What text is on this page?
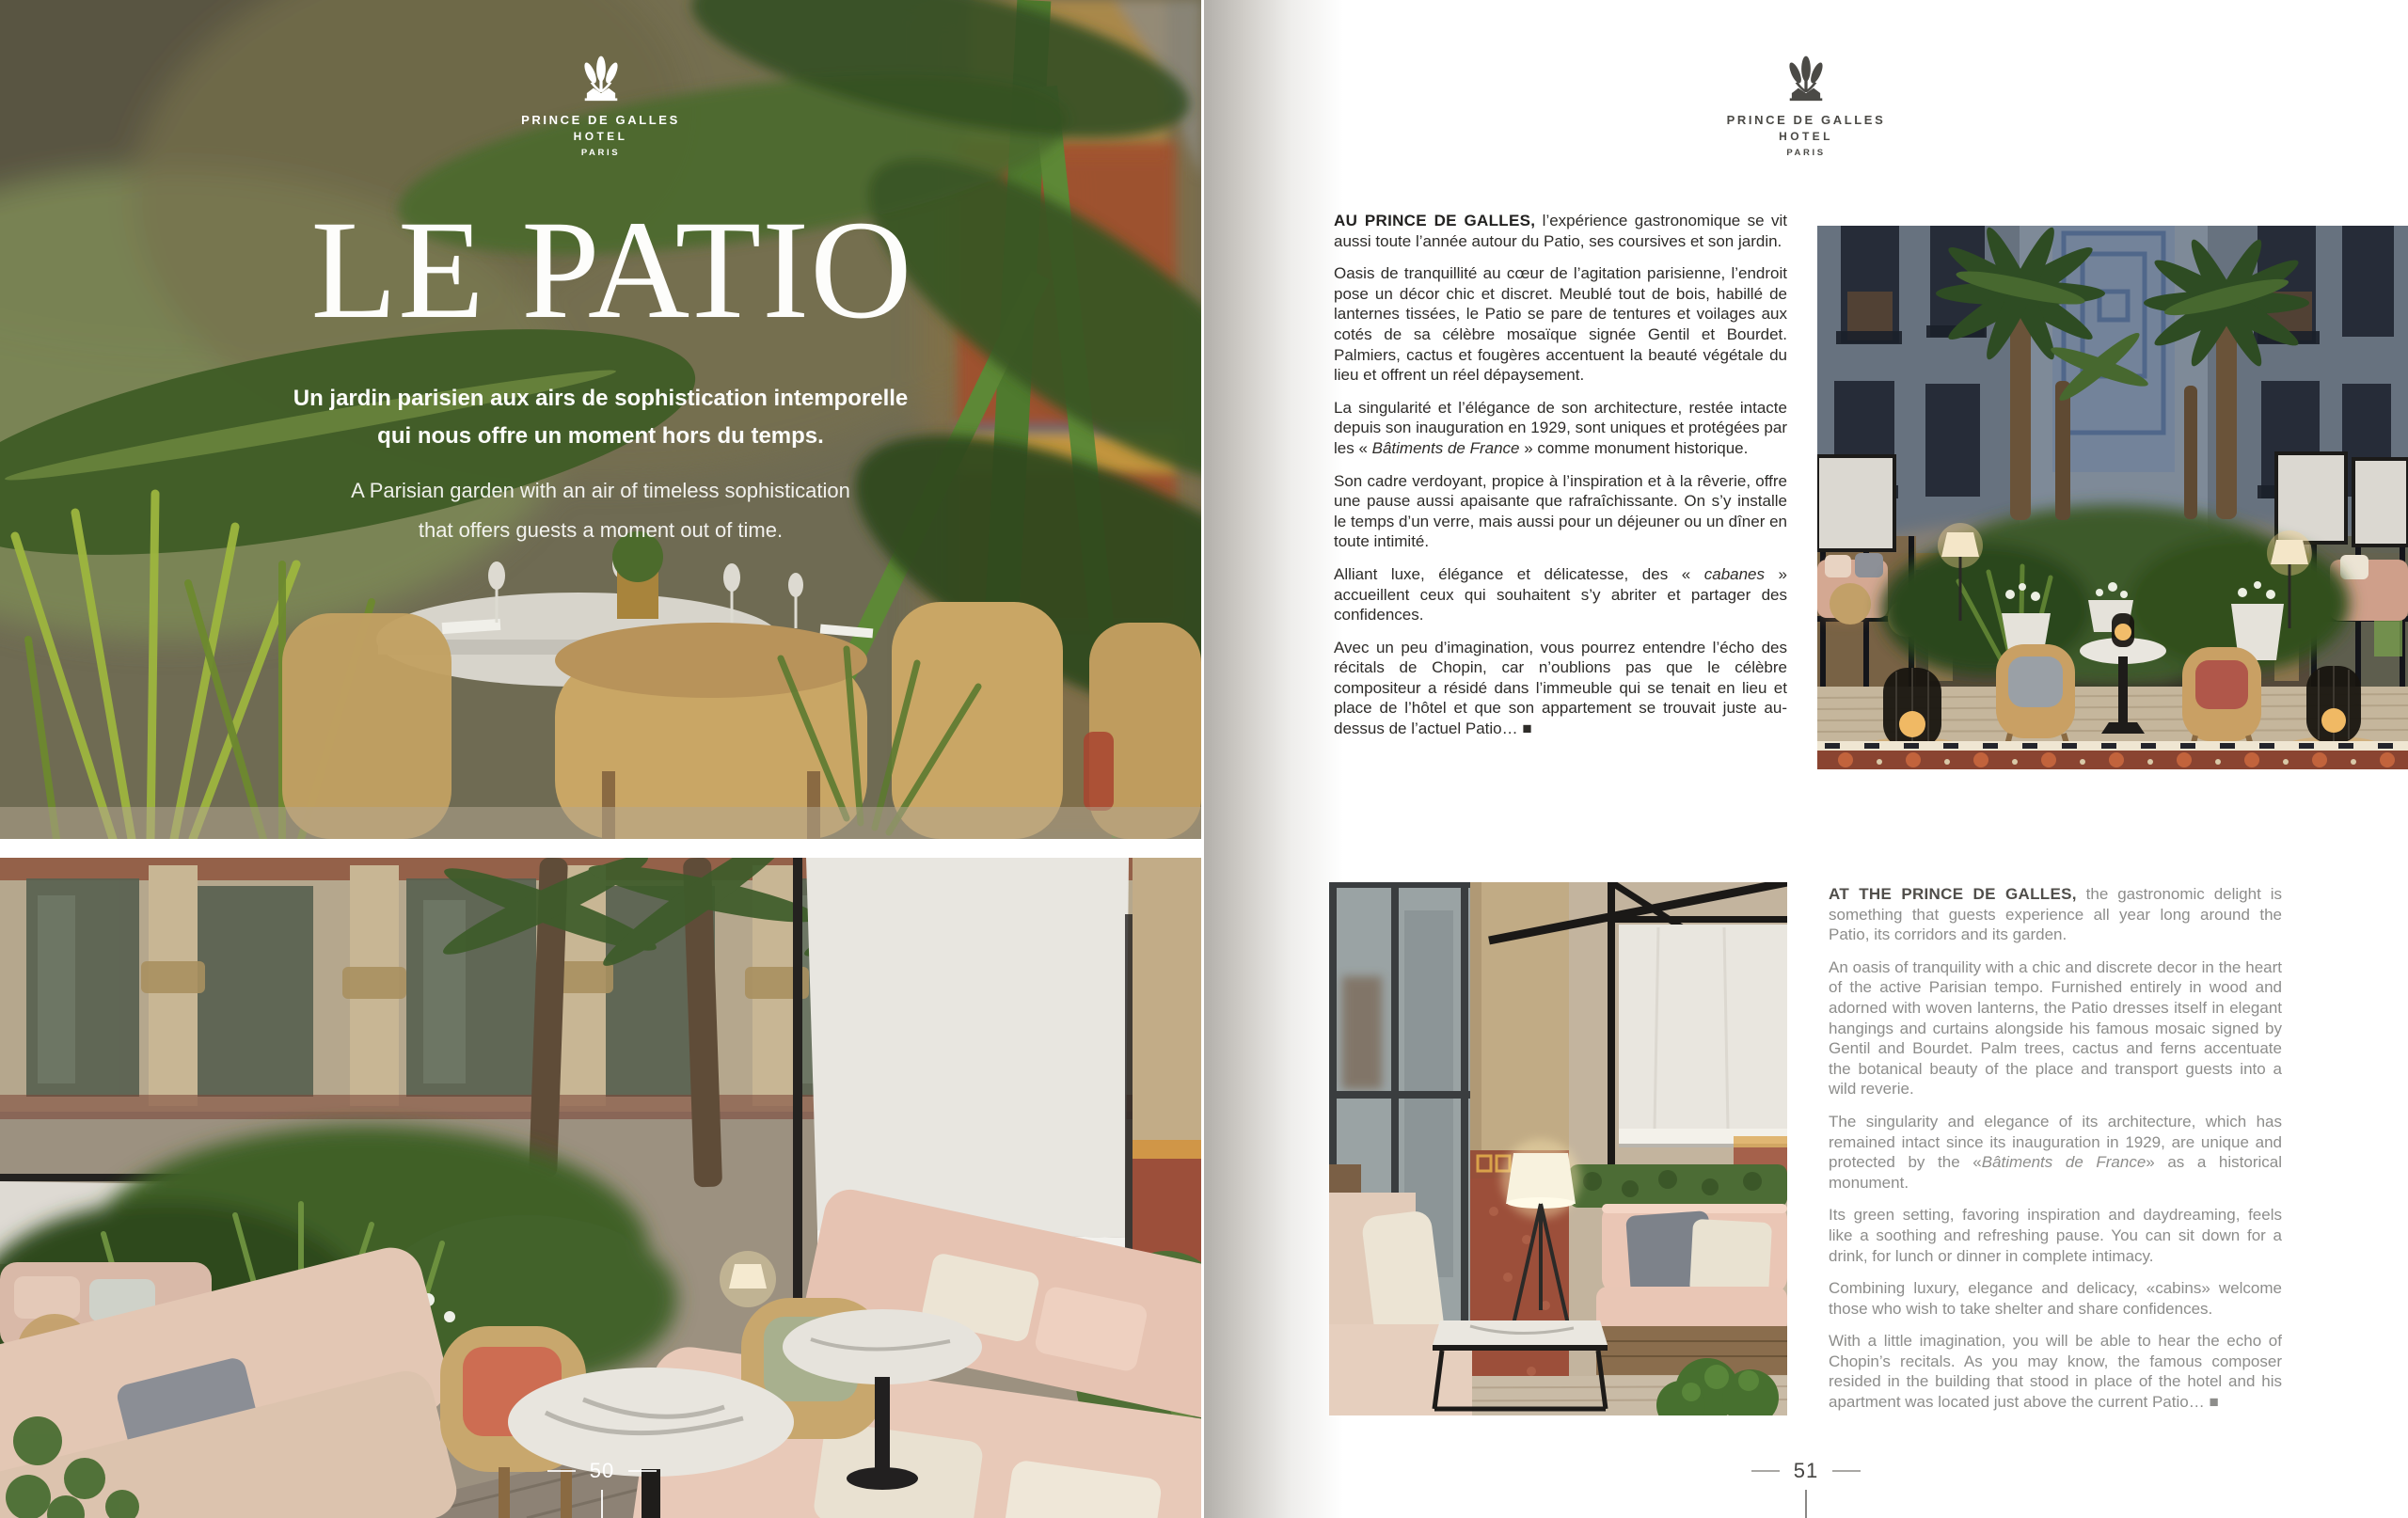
PRINCE DE GALLES
HOTEL
PARIS
LE PATIO
Un jardin parisien aux airs de sophistication intemporelle
qui nous offre un moment hors du temps.
A Parisian garden with an air of timeless sophistication
that offers guests a moment out of time.
50
PRINCE DE GALLES
HOTEL
PARIS

AU PRINCE DE GALLES, l’expérience gastronomique se vit aussi toute l’année autour du Patio, ses coursives et son jardin.

Oasis de tranquillité au cœur de l’agitation parisienne, l’endroit pose un décor chic et discret. Meublé tout de bois, habillé de lanternes tissées, le Patio se pare de tentures et voilages aux cotés de sa célèbre mosaïque signée Gentil et Bourdet. Palmiers, cactus et fougères accentuent la beauté végétale du lieu et offrent un réel dépaysement.

La singularité et l’élégance de son architecture, restée intacte depuis son inauguration en 1929, sont uniques et protégées par les « Bâtiments de France » comme monument historique.

Son cadre verdoyant, propice à l’inspiration et à la rêverie, offre une pause aussi apaisante que rafraîchissante. On s’y installe le temps d’un verre, mais aussi pour un déjeuner ou un dîner en toute intimité.

Alliant luxe, élégance et délicatesse, des « cabanes » accueillent ceux qui souhaitent s’y abriter et partager des confidences.

Avec un peu d’imagination, vous pourrez entendre l’écho des récitals de Chopin, car n’oublions pas que le célèbre compositeur a résidé dans l’immeuble qui se tenait en lieu et place de l’hôtel et que son appartement se trouvait juste au-dessus de l’actuel Patio… ■

AT THE PRINCE DE GALLES, the gastronomic delight is something that guests experience all year long around the Patio, its corridors and its garden.

An oasis of tranquility with a chic and discrete decor in the heart of the active Parisian tempo. Furnished entirely in wood and adorned with woven lanterns, the Patio dresses itself in elegant hangings and curtains alongside his famous mosaic signed by Gentil and Bourdet. Palm trees, cactus and ferns accentuate the botanical beauty of the place and transport guests into a wild reverie.

The singularity and elegance of its architecture, which has remained intact since its inauguration in 1929, are unique and protected by the «Bâtiments de France» as a historical monument.

Its green setting, favoring inspiration and daydreaming, feels like a soothing and refreshing pause. You can sit down for a drink, for lunch or dinner in complete intimacy.

Combining luxury, elegance and delicacy, «cabins» welcome those who wish to take shelter and share confidences.

With a little imagination, you will be able to hear the echo of Chopin’s recitals. As you may know, the famous composer resided in the building that stood in place of the hotel and his apartment was located just above the current Patio… ■

51
